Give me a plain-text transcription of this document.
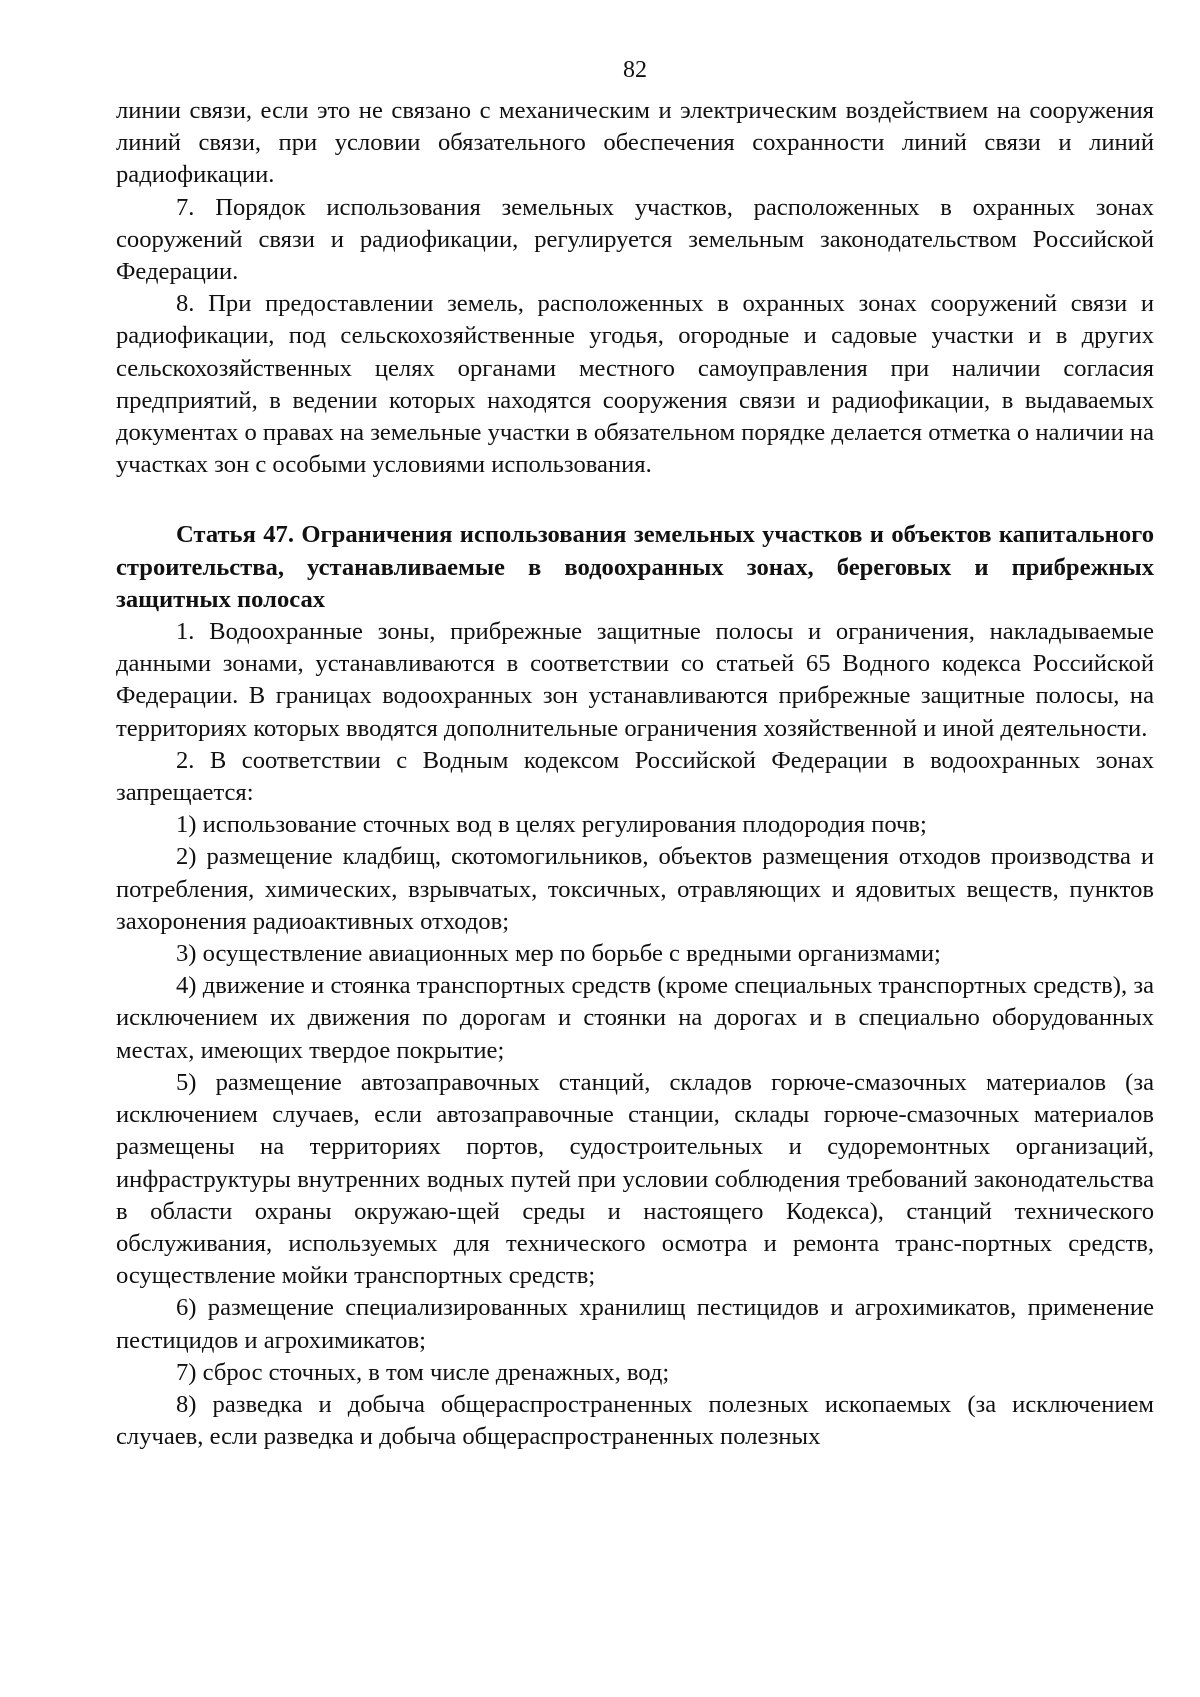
82

линии связи, если это не связано с механическим и электрическим воздействием на сооружения линий связи, при условии обязательного обеспечения сохранности линий связи и линий радиофикации.

7. Порядок использования земельных участков, расположенных в охранных зонах сооружений связи и радиофикации, регулируется земельным законодательством Российской Федерации.

8. При предоставлении земель, расположенных в охранных зонах сооружений связи и радиофикации, под сельскохозяйственные угодья, огородные и садовые участки и в других сельскохозяйственных целях органами местного самоуправления при наличии согласия предприятий, в ведении которых находятся сооружения связи и радиофикации, в выдаваемых документах о правах на земельные участки в обязательном порядке делается отметка о наличии на участках зон с особыми условиями использования.

Статья 47. Ограничения использования земельных участков и объектов капитального строительства, устанавливаемые в водоохранных зонах, береговых и прибрежных защитных полосах

1. Водоохранные зоны, прибрежные защитные полосы и ограничения, накладываемые данными зонами, устанавливаются в соответствии со статьей 65 Водного кодекса Российской Федерации. В границах водоохранных зон устанавливаются прибрежные защитные полосы, на территориях которых вводятся дополнительные ограничения хозяйственной и иной деятельности.

2. В соответствии с Водным кодексом Российской Федерации в водоохранных зонах запрещается:

1) использование сточных вод в целях регулирования плодородия почв;

2) размещение кладбищ, скотомогильников, объектов размещения отходов производства и потребления, химических, взрывчатых, токсичных, отравляющих и ядовитых веществ, пунктов захоронения радиоактивных отходов;

3) осуществление авиационных мер по борьбе с вредными организмами;

4) движение и стоянка транспортных средств (кроме специальных транспортных средств), за исключением их движения по дорогам и стоянки на дорогах и в специально оборудованных местах, имеющих твердое покрытие;

5) размещение автозаправочных станций, складов горюче-смазочных материалов (за исключением случаев, если автозаправочные станции, склады горюче-смазочных материалов размещены на территориях портов, судостроительных и судоремонтных организаций, инфраструктуры внутренних водных путей при условии соблюдения требований законодательства в области охраны окружаю-щей среды и настоящего Кодекса), станций технического обслуживания, используемых для технического осмотра и ремонта транс-портных средств, осуществление мойки транспортных средств;

6) размещение специализированных хранилищ пестицидов и агрохимикатов, применение пестицидов и агрохимикатов;

7) сброс сточных, в том числе дренажных, вод;

8) разведка и добыча общераспространенных полезных ископаемых (за исключением случаев, если разведка и добыча общераспространенных полезных
